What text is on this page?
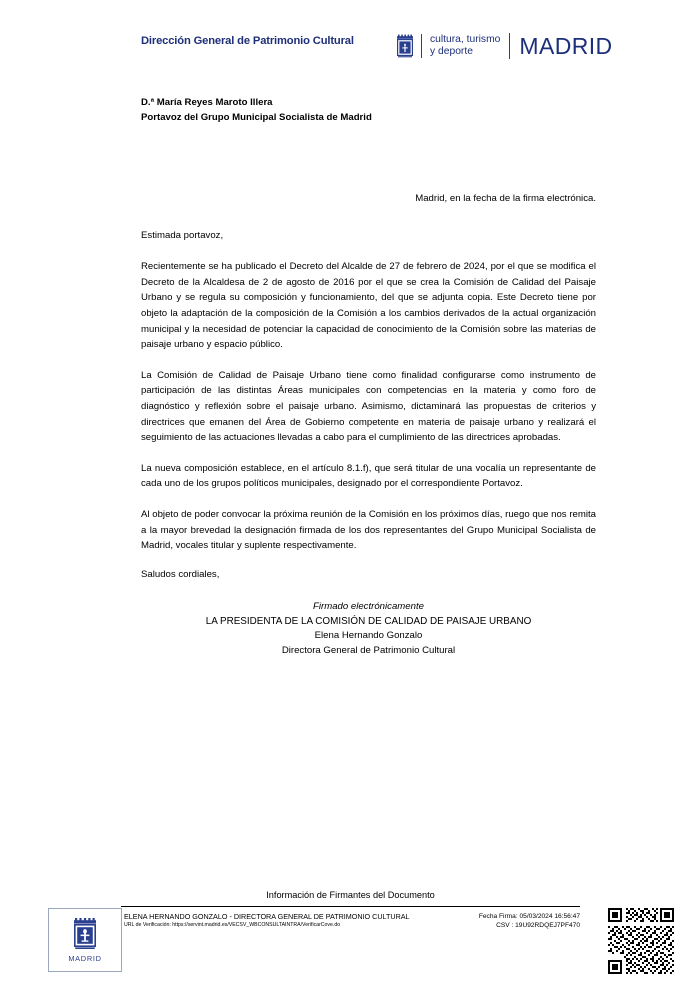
Dirección General de Patrimonio Cultural	cultura, turismo
y deporte	MADRID
D.ª María Reyes Maroto Illera
Portavoz del Grupo Municipal Socialista de Madrid
Madrid, en la fecha de la firma electrónica.
Estimada portavoz,

Recientemente se ha publicado el Decreto del Alcalde de 27 de febrero de 2024, por el que se modifica el Decreto de la Alcaldesa de 2 de agosto de 2016 por el que se crea la Comisión de Calidad del Paisaje Urbano y se regula su composición y funcionamiento, del que se adjunta copia. Este Decreto tiene por objeto la adaptación de la composición de la Comisión a los cambios derivados de la actual organización municipal y la necesidad de potenciar la capacidad de conocimiento de la Comisión sobre las materias de paisaje urbano y espacio público.

La Comisión de Calidad de Paisaje Urbano tiene como finalidad configurarse como instrumento de participación de las distintas Áreas municipales con competencias en la materia y como foro de diagnóstico y reflexión sobre el paisaje urbano. Asimismo, dictaminará las propuestas de criterios y directrices que emanen del Área de Gobierno competente en materia de paisaje urbano y realizará el seguimiento de las actuaciones llevadas a cabo para el cumplimiento de las directrices aprobadas.

La nueva composición establece, en el artículo 8.1.f), que será titular de una vocalía un representante de cada uno de los grupos políticos municipales, designado por el correspondiente Portavoz.

Al objeto de poder convocar la próxima reunión de la Comisión en los próximos días, ruego que nos remita a la mayor brevedad la designación firmada de los dos representantes del Grupo Municipal Socialista de Madrid, vocales titular y suplente respectivamente.

Saludos cordiales,
Firmado electrónicamente
LA PRESIDENTA DE LA COMISIÓN DE CALIDAD DE PAISAJE URBANO
Elena Hernando Gonzalo
Directora General de Patrimonio Cultural
Información de Firmantes del Documento
ELENA HERNANDO GONZALO - DIRECTORA GENERAL DE PATRIMONIO CULTURAL
URL de Verificación: https://servint.madrid.es/VECSV_WBCONSULTAINTRA/VerificarCove.do
Fecha Firma: 05/03/2024 16:56:47
CSV : 19U92RDQEJ7PF470
MADRID
